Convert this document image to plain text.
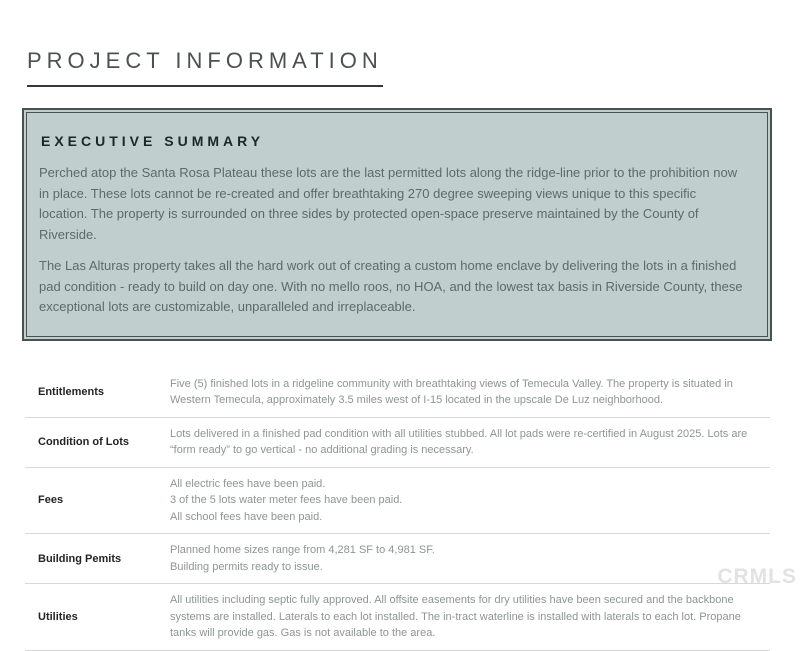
PROJECT INFORMATION
EXECUTIVE SUMMARY

Perched atop the Santa Rosa Plateau these lots are the last permitted lots along the ridge-line prior to the prohibition now in place. These lots cannot be re-created and offer breathtaking 270 degree sweeping views unique to this specific location. The property is surrounded on three sides by protected open-space preserve maintained by the County of Riverside.

The Las Alturas property takes all the hard work out of creating a custom home enclave by delivering the lots in a finished pad condition - ready to build on day one. With no mello roos, no HOA, and the lowest tax basis in Riverside County, these exceptional lots are customizable, unparalleled and irreplaceable.

Entitlements
Five (5) finished lots in a ridgeline community with breathtaking views of Temecula Valley. The property is situated in Western Temecula, approximately 3.5 miles west of I-15 located in the upscale De Luz neighborhood.
Condition of Lots
Lots delivered in a finished pad condition with all utilities stubbed. All lot pads were re-certified in August 2025. Lots are “form ready” to go vertical - no additional grading is necessary.
Fees
All electric fees have been paid.
3 of the 5 lots water meter fees have been paid.
All school fees have been paid.
Building Pemits
Planned home sizes range from 4,281 SF to 4,981 SF.
Building permits ready to issue.
Utilities
All utilities including septic fully approved. All offsite easements for dry utilities have been secured and the backbone systems are installed. Laterals to each lot installed. The in-tract waterline is installed with laterals to each lot. Propane tanks will provide gas. Gas is not available to the area.
CRMLS
